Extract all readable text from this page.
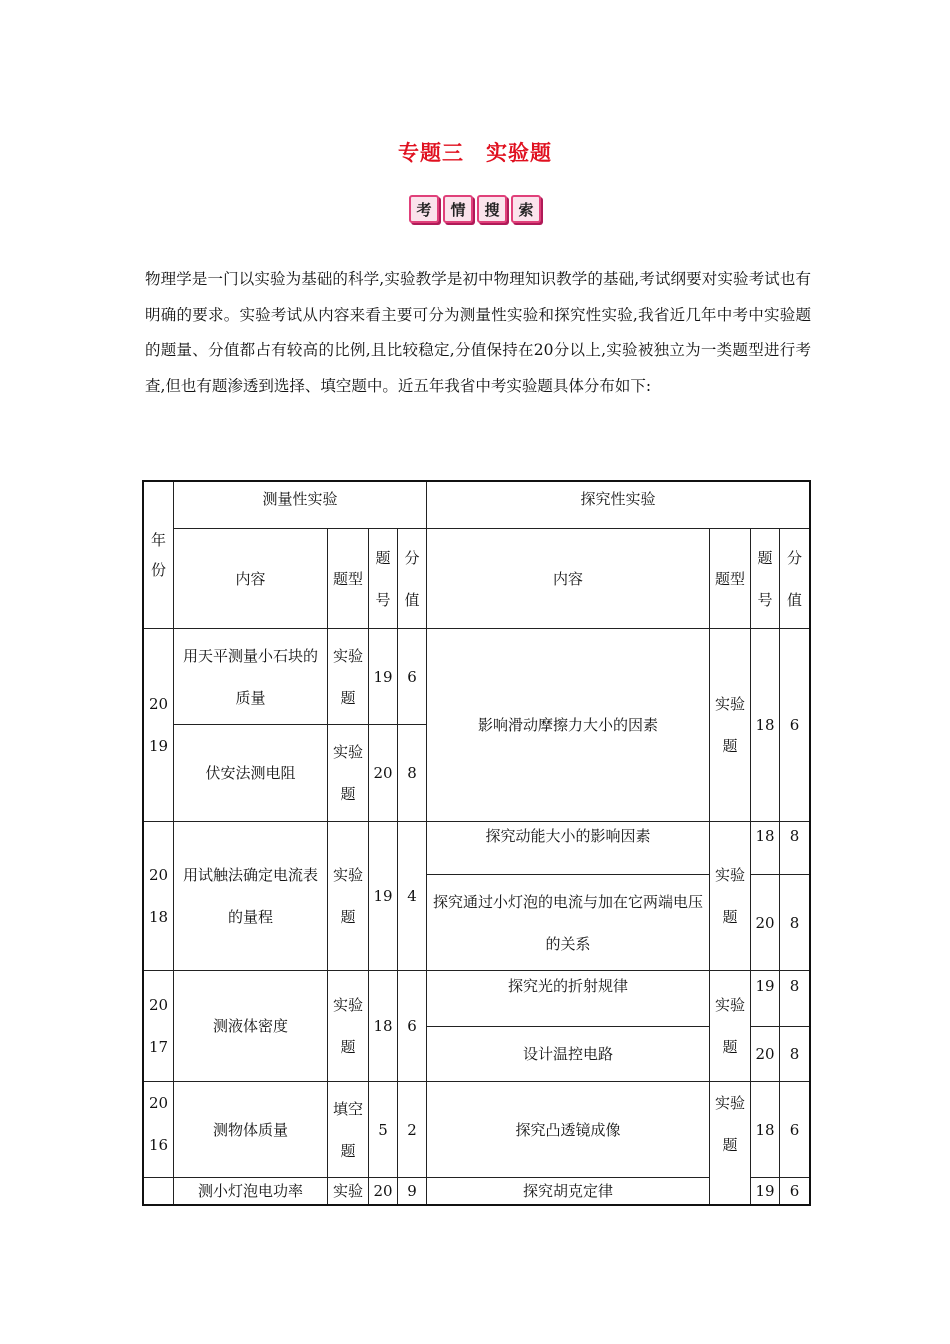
专题三　实验题
考	情	搜	索

物理学是一门以实验为基础的科学,实验教学是初中物理知识教学的基础,考试纲要对实验考试也有明确的要求。实验考试从内容来看主要可分为测量性实验和探究性实验,我省近几年中考中实验题的题量、分值都占有较高的比例,且比较稳定,分值保持在20分以上,实验被独立为一类题型进行考查,但也有题渗透到选择、填空题中。近五年我省中考实验题具体分布如下:

年份	测量性实验				探究性实验			
	内容	题型	题号	分值	内容	题型	题号	分值
2019	用天平测量小石块的质量	实验题	19	6	影响滑动摩擦力大小的因素	实验题	18	6
	伏安法测电阻	实验题	20	8				
2018	用试触法确定电流表的量程	实验题	19	4	探究动能大小的影响因素	实验题	18	8
					探究通过小灯泡的电流与加在它两端电压的关系		20	8
2017	测液体密度	实验题	18	6	探究光的折射规律	实验题	19	8
					设计温控电路		20	8
2016	测物体质量	填空题	5	2	探究凸透镜成像	实验题	18	6
	测小灯泡电功率	实验	20	9	探究胡克定律		19	6
